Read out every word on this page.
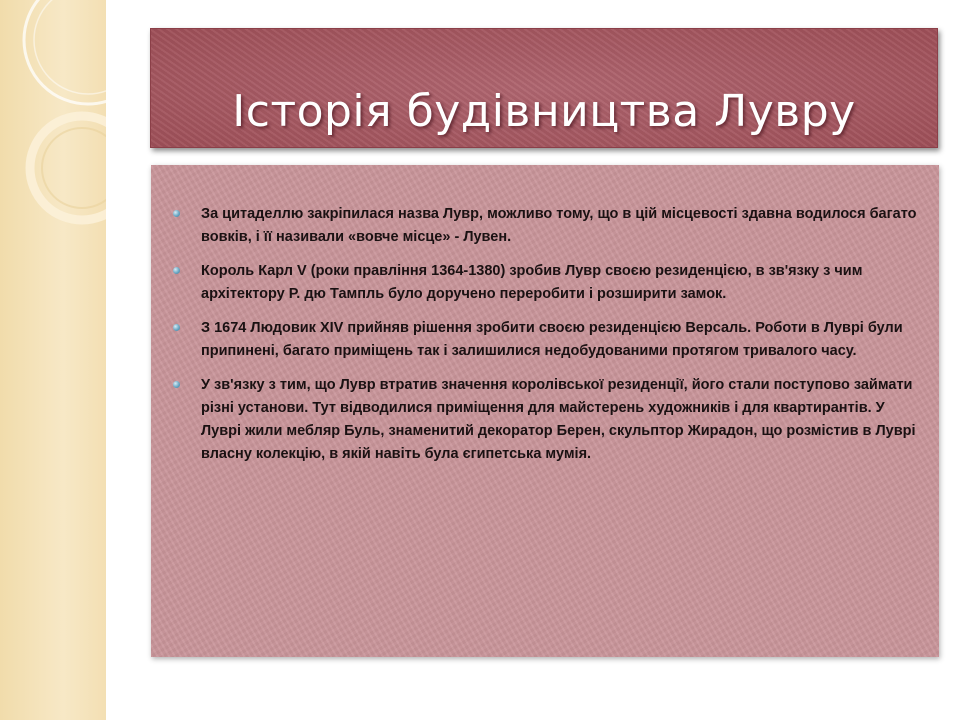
Історія будівництва Лувру
За цитаделлю закріпилася назва Лувр, можливо тому, що в цій місцевості здавна водилося багато вовків, і її називали «вовче місце» - Лувен.
Король Карл V (роки правління 1364-1380) зробив Лувр своєю резиденцією, в зв'язку з чим архітектору Р. дю Тампль було доручено переробити і розширити замок.
З 1674 Людовик XIV прийняв рішення зробити своєю резиденцією Версаль. Роботи в Луврі були припинені, багато приміщень так і залишилися недобудованими протягом тривалого часу.
У зв'язку з тим, що Лувр втратив значення королівської резиденції, його стали поступово займати різні установи. Тут відводилися приміщення для майстерень художників і для квартирантів. У Луврі жили мебляр Буль, знаменитий декоратор Берен, скульптор Жирадон, що розмістив в Луврі власну колекцію, в якій навіть була єгипетська мумія.
